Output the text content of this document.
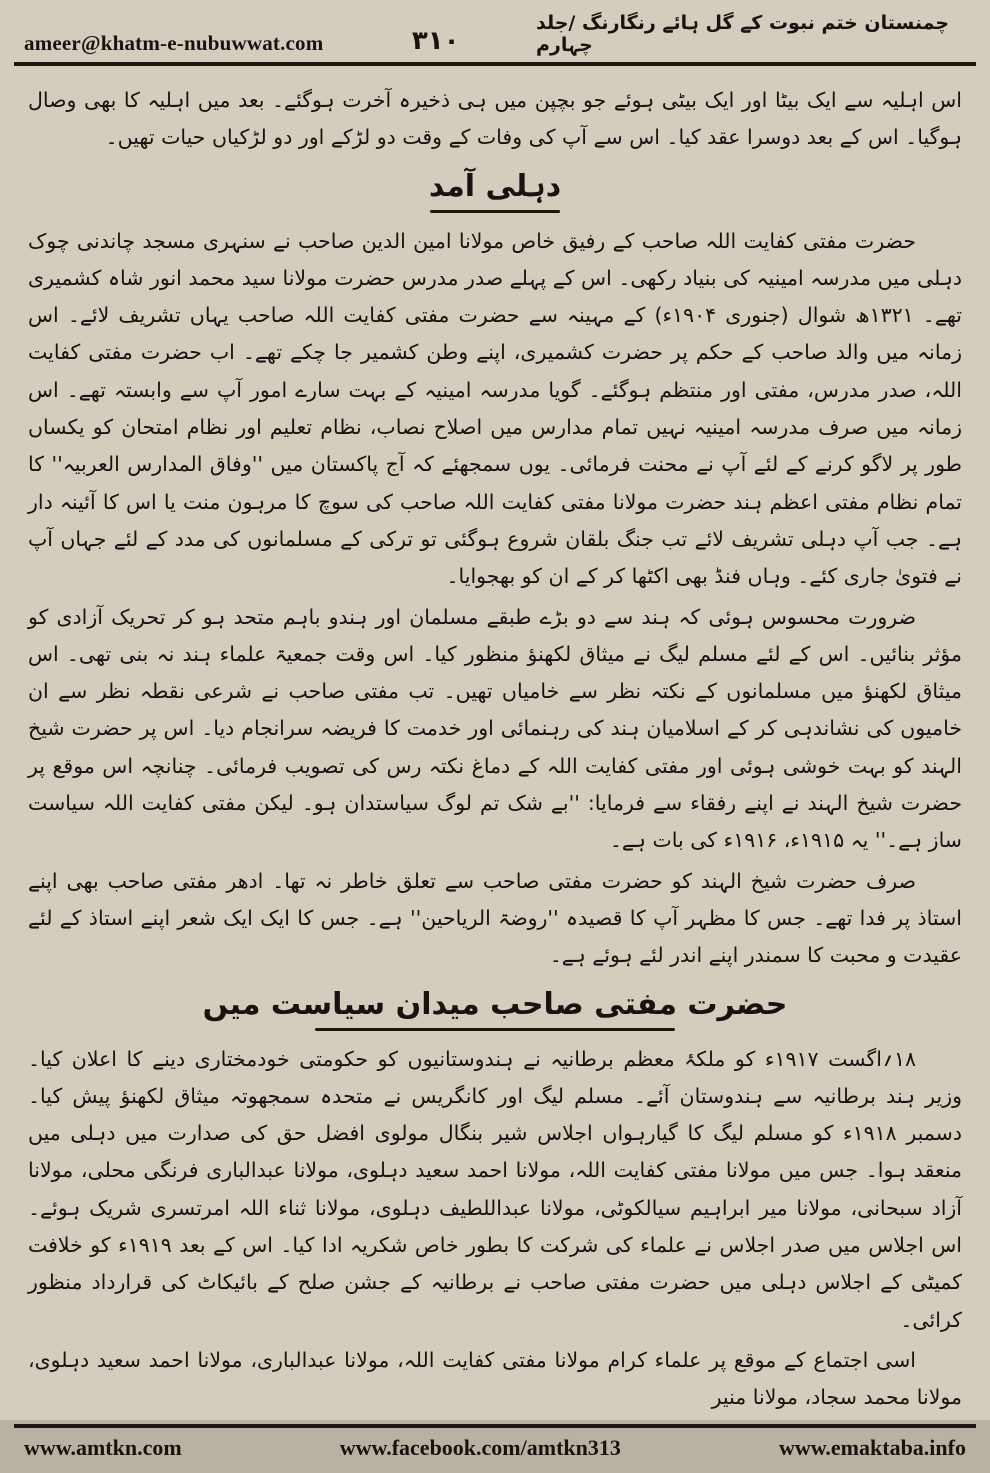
ameer@khatm-e-nubuwwat.com	۳۱۰
چمنستان ختم نبوت کے گل ہائے رنگارنگ /جلد چہارم

اس اہلیہ سے ایک بیٹا اور ایک بیٹی ہوئے جو بچپن میں ہی ذخیرہ آخرت ہوگئے۔ بعد میں اہلیہ کا بھی وصال ہوگیا۔ اس کے بعد دوسرا عقد کیا۔ اس سے آپ کی وفات کے وقت دو لڑکے اور دو لڑکیاں حیات تھیں۔

دہلی آمد

حضرت مفتی کفایت اللہ صاحب کے رفیق خاص مولانا امین الدین صاحب نے سنہری مسجد چاندنی چوک دہلی میں مدرسہ امینیہ کی بنیاد رکھی۔ اس کے پہلے صدر مدرس حضرت مولانا سید محمد انور شاہ کشمیری تھے۔ ۱۳۲۱ھ شوال (جنوری ۱۹۰۴ء) کے مہینہ سے حضرت مفتی کفایت اللہ صاحب یہاں تشریف لائے۔ اس زمانہ میں والد صاحب کے حکم پر حضرت کشمیری، اپنے وطن کشمیر جا چکے تھے۔ اب حضرت مفتی کفایت اللہ، صدر مدرس، مفتی اور منتظم ہوگئے۔ گویا مدرسہ امینیہ کے بہت سارے امور آپ سے وابستہ تھے۔ اس زمانہ میں صرف مدرسہ امینیہ نہیں تمام مدارس میں اصلاح نصاب، نظام تعلیم اور نظام امتحان کو یکساں طور پر لاگو کرنے کے لئے آپ نے محنت فرمائی۔ یوں سمجھئے کہ آج پاکستان میں ''وفاق المدارس العربیہ'' کا تمام نظام مفتی اعظم ہند حضرت مولانا مفتی کفایت اللہ صاحب کی سوچ کا مرہون منت یا اس کا آئینہ دار ہے۔ جب آپ دہلی تشریف لائے تب جنگ بلقان شروع ہوگئی تو ترکی کے مسلمانوں کی مدد کے لئے جہاں آپ نے فتویٰ جاری کئے۔ وہاں فنڈ بھی اکٹھا کر کے ان کو بھجوایا۔

ضرورت محسوس ہوئی کہ ہند سے دو بڑے طبقے مسلمان اور ہندو باہم متحد ہو کر تحریک آزادی کو مؤثر بنائیں۔ اس کے لئے مسلم لیگ نے میثاق لکھنؤ منظور کیا۔ اس وقت جمعیۃ علماء ہند نہ بنی تھی۔ اس میثاق لکھنؤ میں مسلمانوں کے نکتہ نظر سے خامیاں تھیں۔ تب مفتی صاحب نے شرعی نقطہ نظر سے ان خامیوں کی نشاندہی کر کے اسلامیان ہند کی رہنمائی اور خدمت کا فریضہ سرانجام دیا۔ اس پر حضرت شیخ الہند کو بہت خوشی ہوئی اور مفتی کفایت اللہ کے دماغ نکتہ رس کی تصویب فرمائی۔ چنانچہ اس موقع پر حضرت شیخ الہند نے اپنے رفقاء سے فرمایا: ''بے شک تم لوگ سیاستدان ہو۔ لیکن مفتی کفایت اللہ سیاست ساز ہے۔'' یہ ۱۹۱۵ء، ۱۹۱۶ء کی بات ہے۔

صرف حضرت شیخ الہند کو حضرت مفتی صاحب سے تعلق خاطر نہ تھا۔ ادھر مفتی صاحب بھی اپنے استاذ پر فدا تھے۔ جس کا مظہر آپ کا قصیدہ ''روضۃ الریاحین'' ہے۔ جس کا ایک ایک شعر اپنے استاذ کے لئے عقیدت و محبت کا سمندر اپنے اندر لئے ہوئے ہے۔

حضرت مفتی صاحب میدان سیاست میں

۱۸؍اگست ۱۹۱۷ء کو ملکۂ معظم برطانیہ نے ہندوستانیوں کو حکومتی خودمختاری دینے کا اعلان کیا۔ وزیر ہند برطانیہ سے ہندوستان آئے۔ مسلم لیگ اور کانگریس نے متحدہ سمجھوتہ میثاق لکھنؤ پیش کیا۔ دسمبر ۱۹۱۸ء کو مسلم لیگ کا گیارہواں اجلاس شیر بنگال مولوی افضل حق کی صدارت میں دہلی میں منعقد ہوا۔ جس میں مولانا مفتی کفایت اللہ، مولانا احمد سعید دہلوی، مولانا عبدالباری فرنگی محلی، مولانا آزاد سبحانی، مولانا میر ابراہیم سیالکوٹی، مولانا عبداللطیف دہلوی، مولانا ثناء اللہ امرتسری شریک ہوئے۔ اس اجلاس میں صدر اجلاس نے علماء کی شرکت کا بطور خاص شکریہ ادا کیا۔ اس کے بعد ۱۹۱۹ء کو خلافت کمیٹی کے اجلاس دہلی میں حضرت مفتی صاحب نے برطانیہ کے جشن صلح کے بائیکاٹ کی قرارداد منظور کرائی۔

اسی اجتماع کے موقع پر علماء کرام مولانا مفتی کفایت اللہ، مولانا عبدالباری، مولانا احمد سعید دہلوی، مولانا محمد سجاد، مولانا منیر

www.amtkn.com	www.facebook.com/amtkn313	www.emaktaba.info
